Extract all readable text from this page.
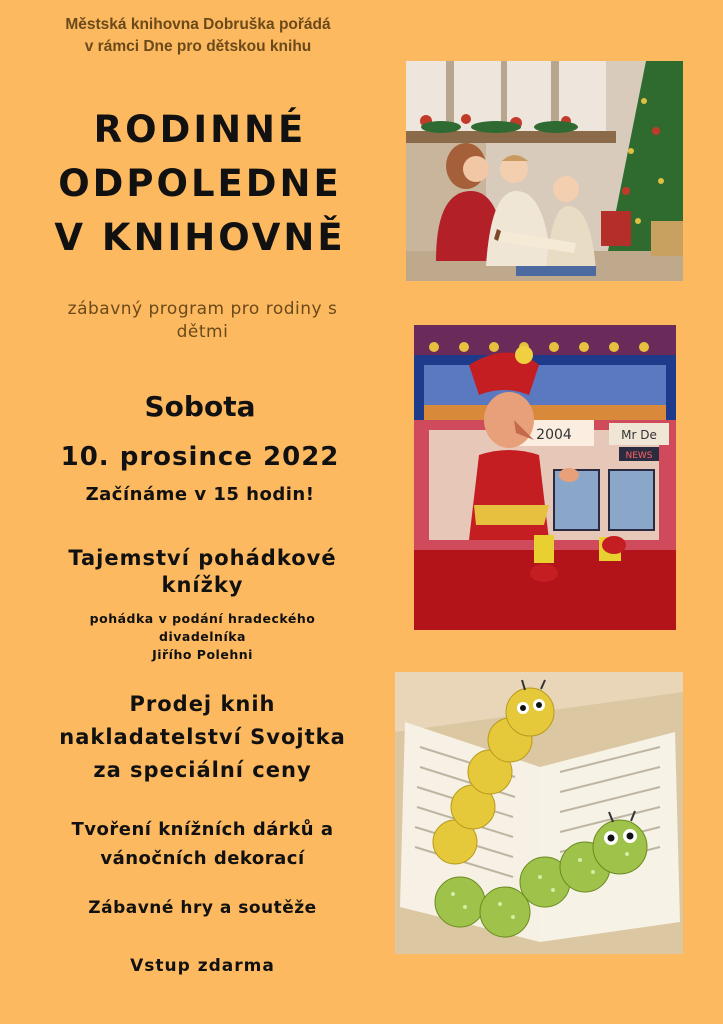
Městská knihovna Dobruška pořádá
v rámci Dne pro dětskou knihu
RODINNÉ
ODPOLEDNE
V KNIHOVNĚ
zábavný program pro rodiny s
dětmi
Sobota
10. prosince 2022
Začínáme v 15 hodin!
Tajemství pohádkové
knížky
pohádka v podání hradeckého
divadelníka
Jiřího Polehni
Prodej knih
nakladatelství Svojtka
za speciální ceny
Tvoření knížních dárků a
vánočních dekorací
Zábavné hry a soutěže
Vstup zdarma
2004	Mr De
NEWS
